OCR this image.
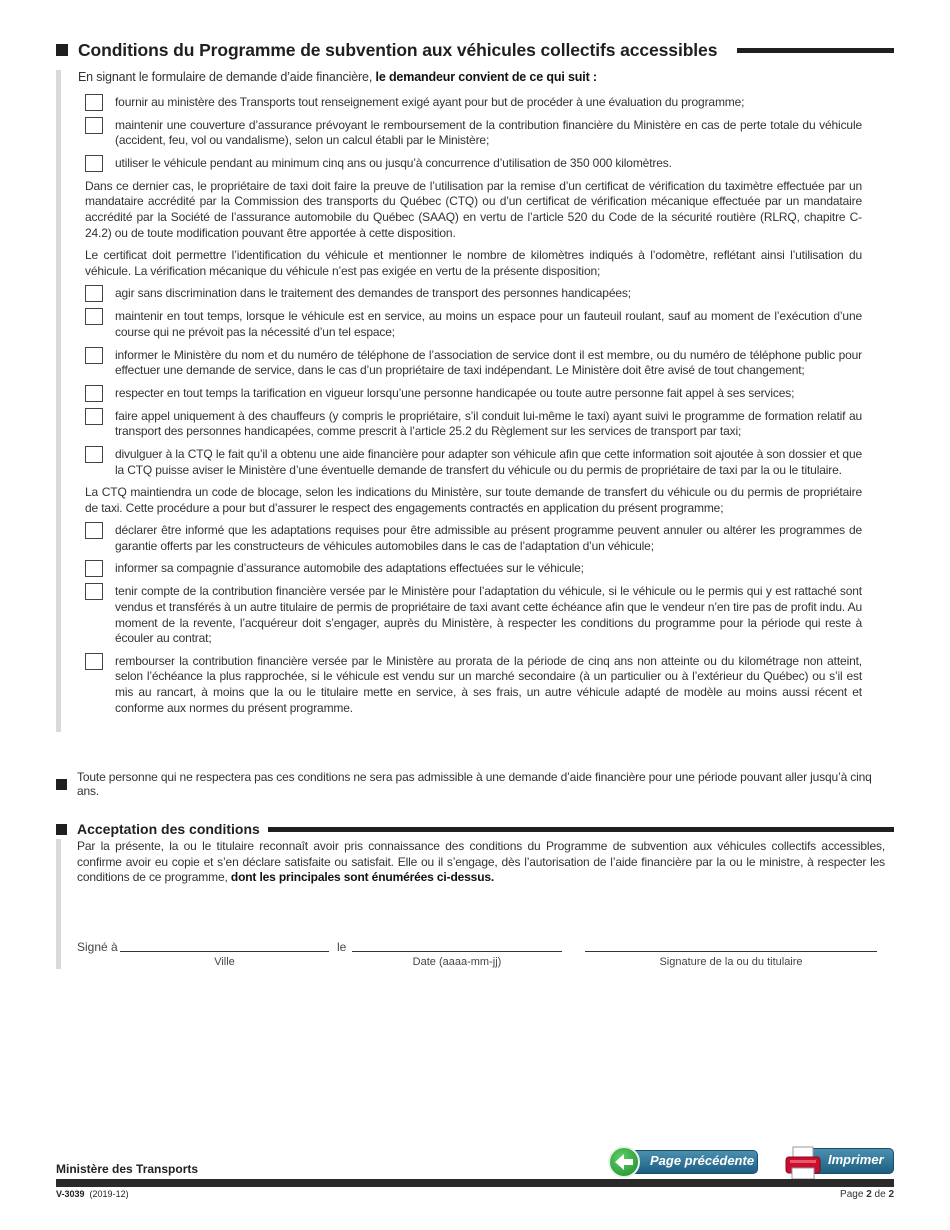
Conditions du Programme de subvention aux véhicules collectifs accessibles
En signant le formulaire de demande d’aide financière, le demandeur convient de ce qui suit :
fournir au ministère des Transports tout renseignement exigé ayant pour but de procéder à une évaluation du programme;
maintenir une couverture d’assurance prévoyant le remboursement de la contribution financière du Ministère en cas de perte totale du véhicule (accident, feu, vol ou vandalisme), selon un calcul établi par le Ministère;
utiliser le véhicule pendant au minimum cinq ans ou jusqu’à concurrence d’utilisation de 350 000 kilomètres.
Dans ce dernier cas, le propriétaire de taxi doit faire la preuve de l’utilisation par la remise d’un certificat de vérification du taximètre effectuée par un mandataire accrédité par la Commission des transports du Québec (CTQ) ou d’un certificat de vérification mécanique effectuée par un mandataire accrédité par la Société de l’assurance automobile du Québec (SAAQ) en vertu de l’article 520 du Code de la sécurité routière (RLRQ, chapitre C-24.2) ou de toute modification pouvant être apportée à cette disposition.
Le certificat doit permettre l’identification du véhicule et mentionner le nombre de kilomètres indiqués à l’odomètre, reflétant ainsi l’utilisation du véhicule. La vérification mécanique du véhicule n’est pas exigée en vertu de la présente disposition;
agir sans discrimination dans le traitement des demandes de transport des personnes handicapées;
maintenir en tout temps, lorsque le véhicule est en service, au moins un espace pour un fauteuil roulant, sauf au moment de l’exécution d’une course qui ne prévoit pas la nécessité d’un tel espace;
informer le Ministère du nom et du numéro de téléphone de l’association de service dont il est membre, ou du numéro de téléphone public pour effectuer une demande de service, dans le cas d’un propriétaire de taxi indépendant. Le Ministère doit être avisé de tout changement;
respecter en tout temps la tarification en vigueur lorsqu’une personne handicapée ou toute autre personne fait appel à ses services;
faire appel uniquement à des chauffeurs (y compris le propriétaire, s’il conduit lui-même le taxi) ayant suivi le programme de formation relatif au transport des personnes handicapées, comme prescrit à l’article 25.2 du Règlement sur les services de transport par taxi;
divulguer à la CTQ le fait qu’il a obtenu une aide financière pour adapter son véhicule afin que cette information soit ajoutée à son dossier et que la CTQ puisse aviser le Ministère d’une éventuelle demande de transfert du véhicule ou du permis de propriétaire de taxi par la ou le titulaire.
La CTQ maintiendra un code de blocage, selon les indications du Ministère, sur toute demande de transfert du véhicule ou du permis de propriétaire de taxi. Cette procédure a pour but d’assurer le respect des engagements contractés en application du présent programme;
déclarer être informé que les adaptations requises pour être admissible au présent programme peuvent annuler ou altérer les programmes de garantie offerts par les constructeurs de véhicules automobiles dans le cas de l’adaptation d’un véhicule;
informer sa compagnie d’assurance automobile des adaptations effectuées sur le véhicule;
tenir compte de la contribution financière versée par le Ministère pour l’adaptation du véhicule, si le véhicule ou le permis qui y est rattaché sont vendus et transférés à un autre titulaire de permis de propriétaire de taxi avant cette échéance afin que le vendeur n’en tire pas de profit indu. Au moment de la revente, l’acquéreur doit s’engager, auprès du Ministère, à respecter les conditions du programme pour la période qui reste à écouler au contrat;
rembourser la contribution financière versée par le Ministère au prorata de la période de cinq ans non atteinte ou du kilométrage non atteint, selon l’échéance la plus rapprochée, si le véhicule est vendu sur un marché secondaire (à un particulier ou à l’extérieur du Québec) ou s’il est mis au rancart, à moins que la ou le titulaire mette en service, à ses frais, un autre véhicule adapté de modèle au moins aussi récent et conforme aux normes du présent programme.
Toute personne qui ne respectera pas ces conditions ne sera pas admissible à une demande d’aide financière pour une période pouvant aller jusqu’à cinq ans.
Acceptation des conditions
Par la présente, la ou le titulaire reconnaît avoir pris connaissance des conditions du Programme de subvention aux véhicules collectifs accessibles, confirme avoir eu copie et s’en déclare satisfaite ou satisfait. Elle ou il s’engage, dès l’autorisation de l’aide financière par la ou le ministre, à respecter les conditions de ce programme, dont les principales sont énumérées ci-dessus.
Signé à
Ville
le
Date (aaaa-mm-jj)	Signature de la ou du titulaire
Ministère des Transports
Page précédente	Imprimer
V-3039 (2019-12)	Page 2 de 2
